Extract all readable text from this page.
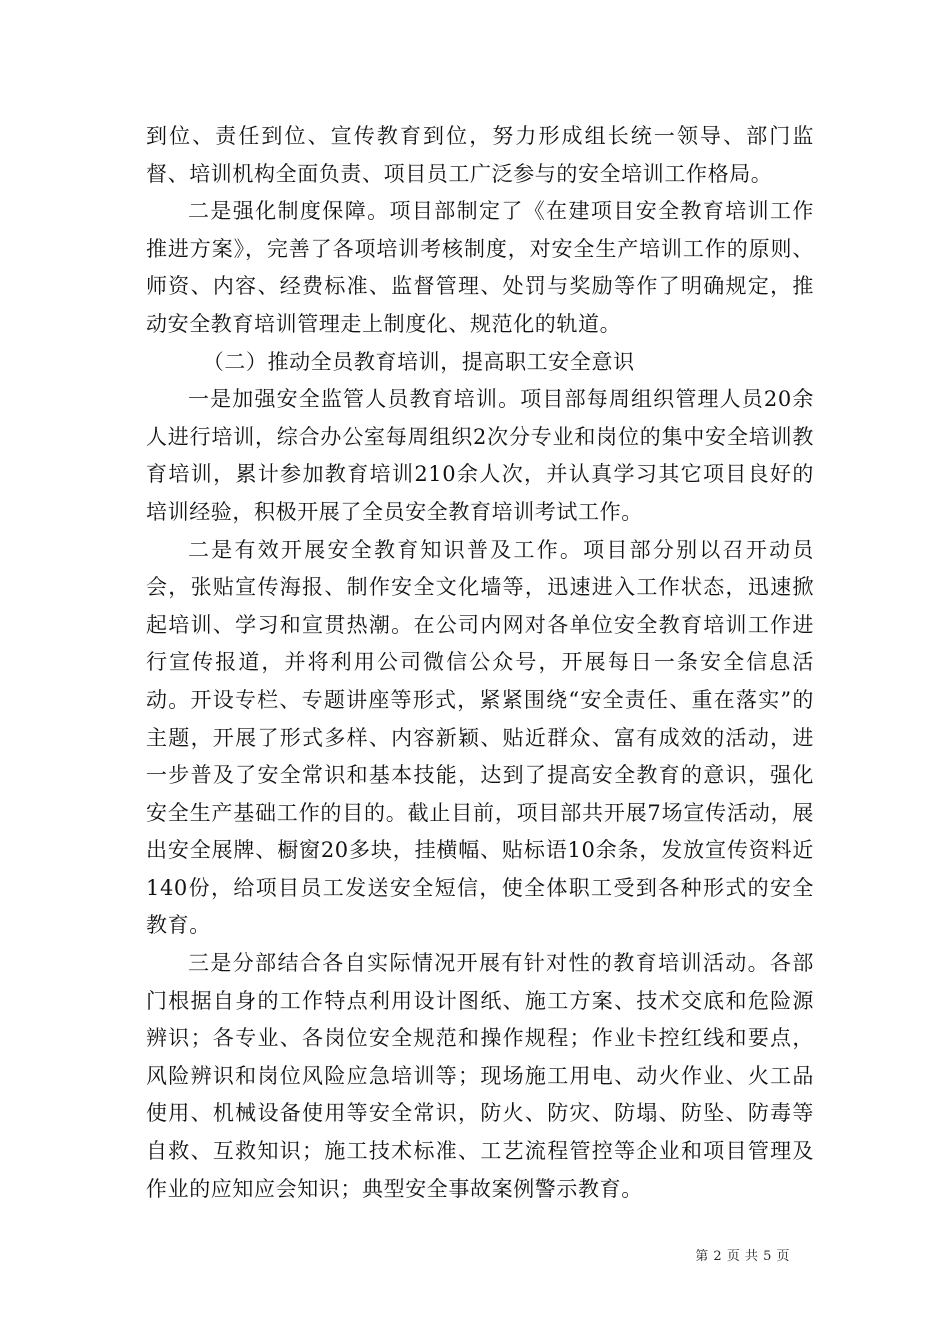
到位、责任到位、宣传教育到位，努力形成组长统一领导、部门监督、培训机构全面负责、项目员工广泛参与的安全培训工作格局。

二是强化制度保障。项目部制定了《在建项目安全教育培训工作推进方案》，完善了各项培训考核制度，对安全生产培训工作的原则、师资、内容、经费标准、监督管理、处罚与奖励等作了明确规定，推动安全教育培训管理走上制度化、规范化的轨道。

（二）推动全员教育培训，提高职工安全意识

一是加强安全监管人员教育培训。项目部每周组织管理人员20余人进行培训，综合办公室每周组织2次分专业和岗位的集中安全培训教育培训，累计参加教育培训210余人次，并认真学习其它项目良好的培训经验，积极开展了全员安全教育培训考试工作。

二是有效开展安全教育知识普及工作。项目部分别以召开动员会，张贴宣传海报、制作安全文化墙等，迅速进入工作状态，迅速掀起培训、学习和宣贯热潮。在公司内网对各单位安全教育培训工作进行宣传报道，并将利用公司微信公众号，开展每日一条安全信息活动。开设专栏、专题讲座等形式，紧紧围绕“安全责任、重在落实”的主题，开展了形式多样、内容新颖、贴近群众、富有成效的活动，进一步普及了安全常识和基本技能，达到了提高安全教育的意识，强化安全生产基础工作的目的。截止目前，项目部共开展7场宣传活动，展出安全展牌、橱窗20多块，挂横幅、贴标语10余条，发放宣传资料近140份，给项目员工发送安全短信，使全体职工受到各种形式的安全教育。

三是分部结合各自实际情况开展有针对性的教育培训活动。各部门根据自身的工作特点利用设计图纸、施工方案、技术交底和危险源辨识；各专业、各岗位安全规范和操作规程；作业卡控红线和要点，风险辨识和岗位风险应急培训等；现场施工用电、动火作业、火工品使用、机械设备使用等安全常识，防火、防灾、防塌、防坠、防毒等自救、互救知识；施工技术标准、工艺流程管控等企业和项目管理及作业的应知应会知识；典型安全事故案例警示教育。

第 2 页 共 5 页
